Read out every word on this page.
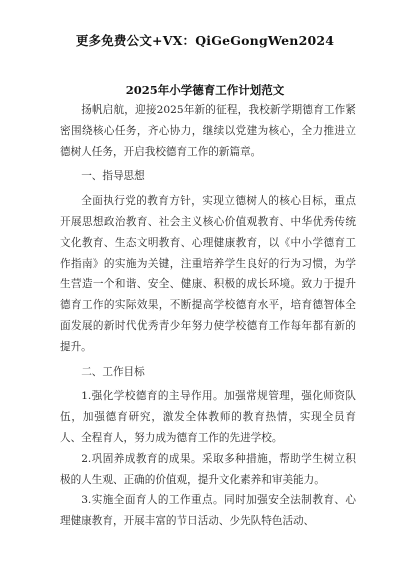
更多免费公文+VX：QiGeGongWen2024
2025年小学德育工作计划范文

扬帆启航，迎接2025年新的征程，我校新学期德育工作紧密围绕核心任务，齐心协力，继续以党建为核心，全力推进立德树人任务，开启我校德育工作的新篇章。

一、指导思想

全面执行党的教育方针，实现立德树人的核心目标，重点开展思想政治教育、社会主义核心价值观教育、中华优秀传统文化教育、生态文明教育、心理健康教育，以《中小学德育工作指南》的实施为关键，注重培养学生良好的行为习惯，为学生营造一个和谐、安全、健康、积极的成长环境。致力于提升德育工作的实际效果，不断提高学校德育水平，培育德智体全面发展的新时代优秀青少年努力使学校德育工作每年都有新的提升。

二、工作目标

1.强化学校德育的主导作用。加强常规管理，强化师资队伍，加强德育研究，激发全体教师的教育热情，实现全员育人、全程育人，努力成为德育工作的先进学校。

2.巩固养成教育的成果。采取多种措施，帮助学生树立积极的人生观、正确的价值观，提升文化素养和审美能力。

3.实施全面育人的工作重点。同时加强安全法制教育、心理健康教育，开展丰富的节日活动、少先队特色活动、
